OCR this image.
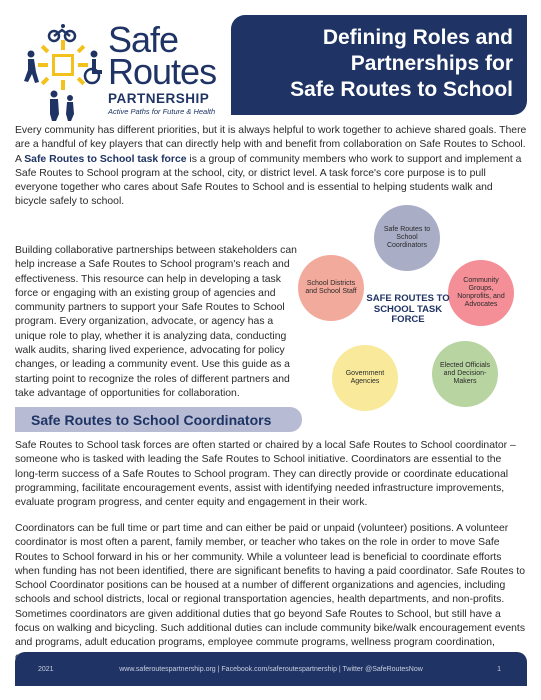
Safe
Routes
PARTNERSHIP
Active Paths for Future & Health
Defining Roles and
Partnerships for
Safe Routes to School

Every community has different priorities, but it is always helpful to work together to achieve shared goals. There are a handful of key players that can directly help with and benefit from collaboration on Safe Routes to School. A Safe Routes to School task force is a group of community members who work to support and implement a Safe Routes to School program at the school, city, or district level. A task force's core purpose is to pull everyone together who cares about Safe Routes to School and is essential to helping students walk and bicycle safely to school.

Building collaborative partnerships between stakeholders can help increase a Safe Routes to School program's reach and effectiveness. This resource can help in developing a task force or engaging with an existing group of agencies and community partners to support your Safe Routes to School program. Every organization, advocate, or agency has a unique role to play, whether it is analyzing data, conducting walk audits, sharing lived experience, advocating for policy changes, or leading a community event. Use this guide as a starting point to recognize the roles of different partners and take advantage of opportunities for collaboration.

Safe Routes to School Coordinators
School Districts and School Staff
Community Groups, Nonprofits, and Advocates
Government Agencies
Elected Officials and Decision-Makers
SAFE ROUTES TO SCHOOL TASK FORCE
Safe Routes to School Coordinators

Safe Routes to School task forces are often started or chaired by a local Safe Routes to School coordinator – someone who is tasked with leading the Safe Routes to School initiative. Coordinators are essential to the long-term success of a Safe Routes to School program. They can directly provide or coordinate educational programming, facilitate encouragement events, assist with identifying needed infrastructure improvements, evaluate program progress, and center equity and engagement in their work.

Coordinators can be full time or part time and can either be paid or unpaid (volunteer) positions. A volunteer coordinator is most often a parent, family member, or teacher who takes on the role in order to move Safe Routes to School forward in his or her community. While a volunteer lead is beneficial to coordinate efforts when funding has not been identified, there are significant benefits to having a paid coordinator. Safe Routes to School Coordinator positions can be housed at a number of different organizations and agencies, including schools and school districts, local or regional transportation agencies, health departments, and non-profits. Sometimes coordinators are given additional duties that go beyond Safe Routes to School, but still have a focus on walking and bicycling. Such additional duties can include community bike/walk encouragement events and programs, adult education programs, employee commute programs, wellness program coordination,

2021	www.saferoutespartnership.org | Facebook.com/saferoutespartnership | Twitter @SafeRoutesNow	1
